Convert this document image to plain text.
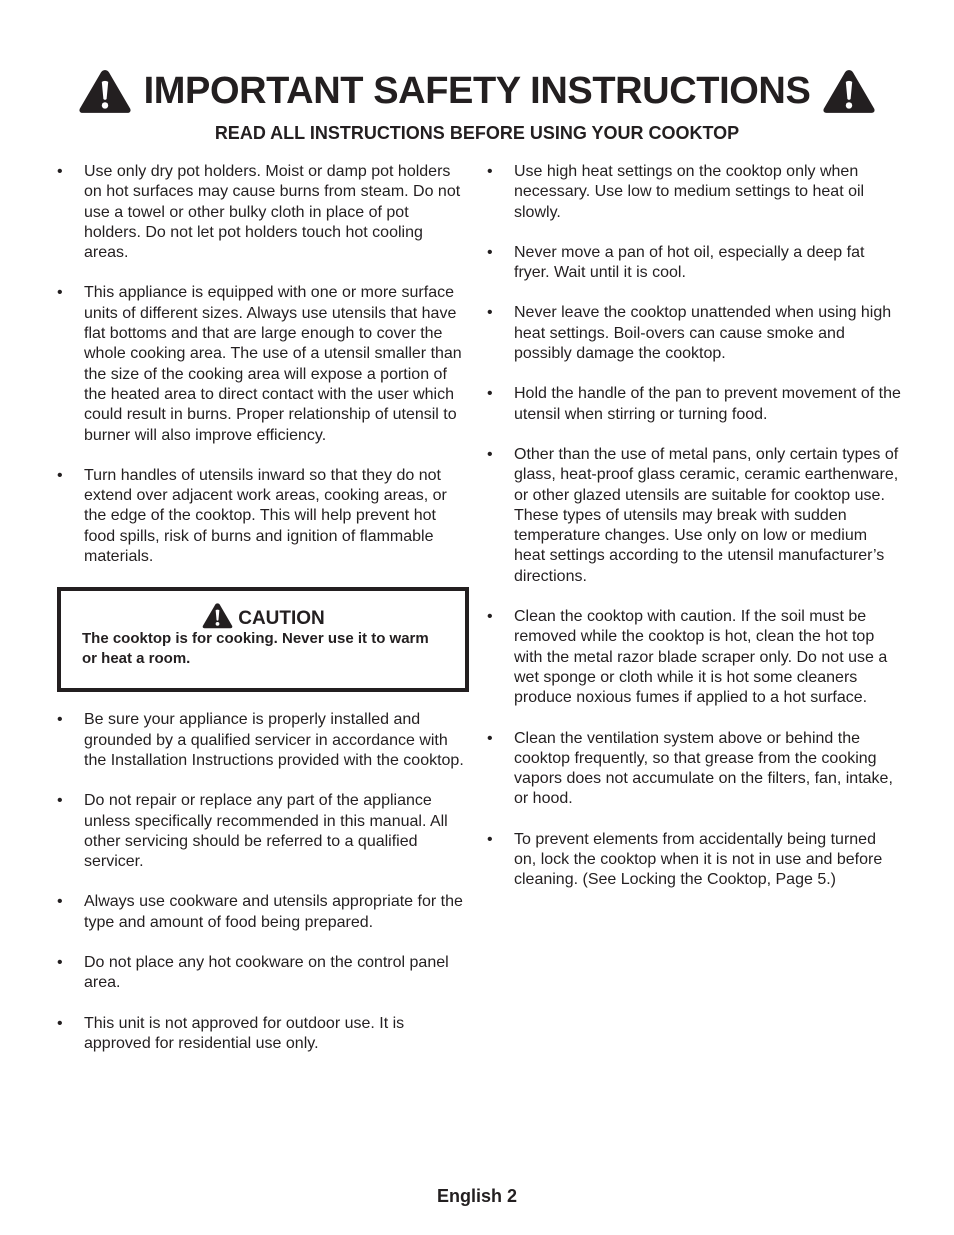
IMPORTANT SAFETY INSTRUCTIONS
READ ALL INSTRUCTIONS BEFORE USING YOUR COOKTOP
• Use only dry pot holders. Moist or damp pot holders on hot surfaces may cause burns from steam. Do not use a towel or other bulky cloth in place of pot holders. Do not let pot holders touch hot cooling areas.
• This appliance is equipped with one or more surface units of different sizes. Always use utensils that have flat bottoms and that are large enough to cover the whole cooking area. The use of a utensil smaller than the size of the cooking area will expose a portion of the heated area to direct contact with the user which could result in burns. Proper relationship of utensil to burner will also improve efficiency.
• Turn handles of utensils inward so that they do not extend over adjacent work areas, cooking areas, or the edge of the cooktop. This will help prevent hot food spills, risk of burns and ignition of flammable materials.
CAUTION

The cooktop is for cooking. Never use it to warm or heat a room.

• Be sure your appliance is properly installed and grounded by a qualified servicer in accordance with the Installation Instructions provided with the cooktop.
• Do not repair or replace any part of the appliance unless specifically recommended in this manual. All other servicing should be referred to a qualified servicer.
• Always use cookware and utensils appropriate for the type and amount of food being prepared.
• Do not place any hot cookware on the control panel area.
• This unit is not approved for outdoor use. It is approved for residential use only.
• Use high heat settings on the cooktop only when necessary. Use low to medium settings to heat oil slowly.
• Never move a pan of hot oil, especially a deep fat fryer. Wait until it is cool.
• Never leave the cooktop unattended when using high heat settings. Boil-overs can cause smoke and possibly damage the cooktop.
• Hold the handle of the pan to prevent movement of the utensil when stirring or turning food.
• Other than the use of metal pans, only certain types of glass, heat-proof glass ceramic, ceramic earthenware, or other glazed utensils are suitable for cooktop use. These types of utensils may break with sudden temperature changes. Use only on low or medium heat settings according to the utensil manufacturer’s directions.
• Clean the cooktop with caution. If the soil must be removed while the cooktop is hot, clean the hot top with the metal razor blade scraper only. Do not use a wet sponge or cloth while it is hot some cleaners produce noxious fumes if applied to a hot surface.
• Clean the ventilation system above or behind the cooktop frequently, so that grease from the cooking vapors does not accumulate on the filters, fan, intake, or hood.
• To prevent elements from accidentally being turned on, lock the cooktop when it is not in use and before cleaning. (See Locking the Cooktop, Page 5.)
English 2
